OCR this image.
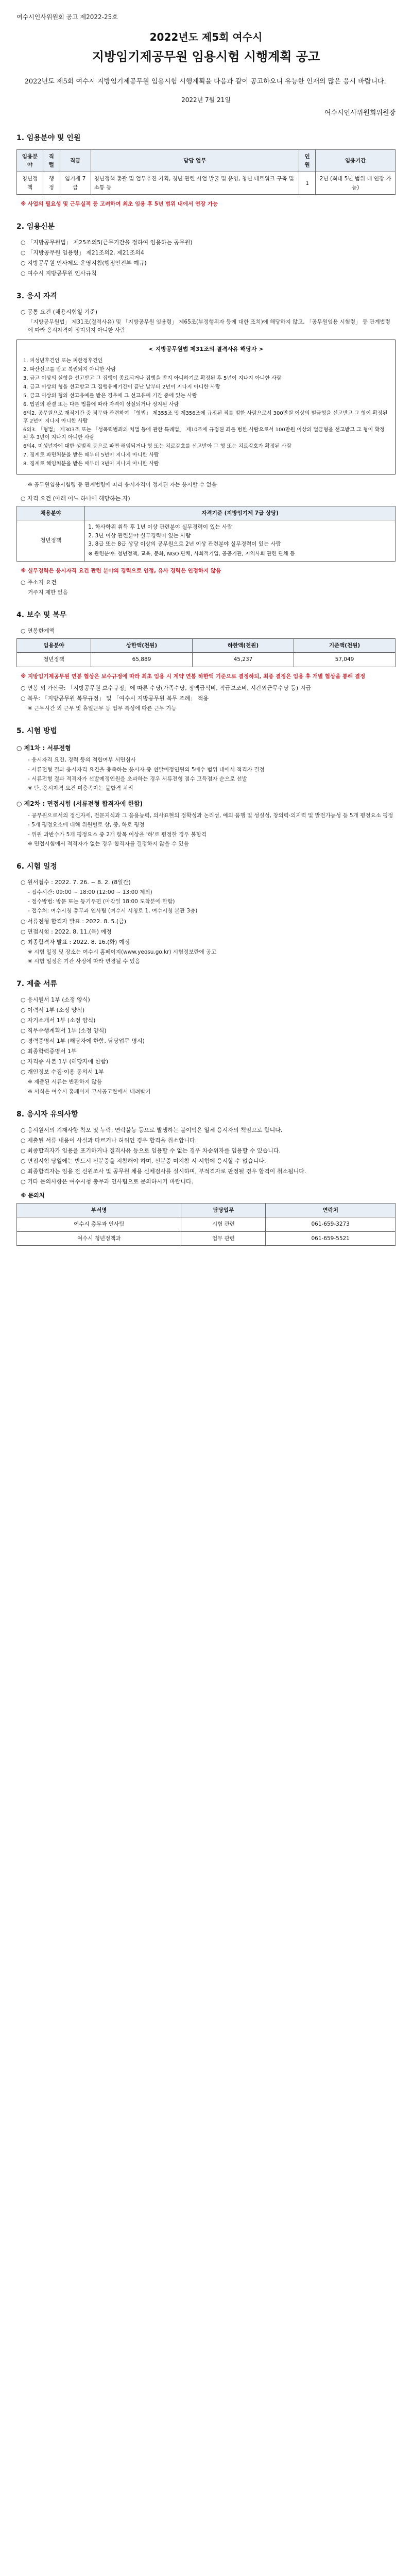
여수시인사위원회 공고 제2022-25호
2022년도 제5회 여수시
지방임기제공무원 임용시험 시행계획 공고

2022년도 제5회 여수시 지방임기제공무원 임용시험 시행계획을 다음과 같이 공고하오니 유능한 인재의 많은 응시 바랍니다.

2022년 7월 21일
여수시인사위원회위원장
1. 임용분야 및 인원
임용분야	직렬	직급	담당 업무	인원	임용기간
청년정책	행정	임기제 7급	청년정책 총괄 및 업무추진 기획, 청년 관련 사업 발굴 및 운영, 청년 네트워크 구축 및 소통 등	1	2년 (최대 5년 범위 내 연장 가능)

※ 사업의 필요성 및 근무실적 등 고려하여 최초 임용 후 5년 범위 내에서 연장 가능

2. 임용신분

○ 「지방공무원법」 제25조의5(근무기간을 정하여 임용하는 공무원)

○ 「지방공무원 임용령」 제21조의2, 제21조의4

○ 지방공무원 인사제도 운영지침(행정안전부 예규)

○ 여수시 지방공무원 인사규칙

3. 응시 자격

○ 공통 요건 (채용시험일 기준)

「지방공무원법」 제31조(결격사유) 및 「지방공무원 임용령」 제65조(부정행위자 등에 대한 조치)에 해당하지 않고, 「공무원임용 시험령」 등 관계법령에 따라 응시자격이 정지되지 아니한 사람

< 지방공무원법 제31조의 결격사유 해당자 >

1. 피성년후견인 또는 피한정후견인

2. 파산선고를 받고 복권되지 아니한 사람

3. 금고 이상의 실형을 선고받고 그 집행이 종료되거나 집행을 받지 아니하기로 확정된 후 5년이 지나지 아니한 사람

4. 금고 이상의 형을 선고받고 그 집행유예기간이 끝난 날부터 2년이 지나지 아니한 사람

5. 금고 이상의 형의 선고유예를 받은 경우에 그 선고유예 기간 중에 있는 사람

6. 법원의 판결 또는 다른 법률에 따라 자격이 상실되거나 정지된 사람

6의2. 공무원으로 재직기간 중 직무와 관련하여 「형법」 제355조 및 제356조에 규정된 죄를 범한 사람으로서 300만원 이상의 벌금형을 선고받고 그 형이 확정된 후 2년이 지나지 아니한 사람

6의3. 「형법」 제303조 또는 「성폭력범죄의 처벌 등에 관한 특례법」 제10조에 규정된 죄를 범한 사람으로서 100만원 이상의 벌금형을 선고받고 그 형이 확정된 후 3년이 지나지 아니한 사람

6의4. 미성년자에 대한 성범죄 등으로 파면·해임되거나 형 또는 치료감호를 선고받아 그 형 또는 치료감호가 확정된 사람

7. 징계로 파면처분을 받은 때부터 5년이 지나지 아니한 사람

8. 징계로 해임처분을 받은 때부터 3년이 지나지 아니한 사람

※ 공무원임용시험령 등 관계법령에 따라 응시자격이 정지된 자는 응시할 수 없음

○ 자격 요건 (아래 어느 하나에 해당하는 자)

채용분야	자격기준 (지방임기제 7급 상당)
청년정책	1. 학사학위 취득 후 1년 이상 관련분야 실무경력이 있는 사람

2. 3년 이상 관련분야 실무경력이 있는 사람

3. 8급 또는 8급 상당 이상의 공무원으로 2년 이상 관련분야 실무경력이 있는 사람

※ 관련분야: 청년정책, 교육, 문화, NGO 단체, 사회적기업, 공공기관, 지역사회 관련 단체 등

※ 실무경력은 응시자격 요건 관련 분야의 경력으로 인정, 유사 경력은 인정하지 않음

○ 주소지 요건

거주지 제한 없음

4. 보수 및 복무

○ 연봉한계액

임용분야	상한액(천원)	하한액(천원)	기준액(천원)
청년정책	65,889	45,237	57,049

※ 지방임기제공무원 연봉 협상은 보수규정에 따라 최초 임용 시 계약 연봉 하한액 기준으로 결정하되, 최종 결정은 임용 후 개별 협상을 통해 결정

○ 연봉 외 가산금: 「지방공무원 보수규정」에 따른 수당(가족수당, 정액급식비, 직급보조비, 시간외근무수당 등) 지급

○ 복무: 「지방공무원 복무규정」 및 「여수시 지방공무원 복무 조례」 적용

※ 근무시간 외 근무 및 휴일근무 등 업무 특성에 따른 근무 가능

5. 시험 방법
○ 제1차 : 서류전형

- 응시자격 요건, 경력 등의 적합여부 서면심사

- 서류전형 결과 응시자격 요건을 충족하는 응시자 중 선발예정인원의 5배수 범위 내에서 적격자 결정

- 서류전형 결과 적격자가 선발예정인원을 초과하는 경우 서류전형 점수 고득점자 순으로 선발

※ 단, 응시자격 요건 미충족자는 불합격 처리

○ 제2차 : 면접시험 (서류전형 합격자에 한함)

- 공무원으로서의 정신자세, 전문지식과 그 응용능력, 의사표현의 정확성과 논리성, 예의·품행 및 성실성, 창의력·의지력 및 발전가능성 등 5개 평정요소 평정

- 5개 평정요소에 대해 위원별로 상, 중, 하로 평정

- 위원 과반수가 5개 평정요소 중 2개 항목 이상을 '하'로 평정한 경우 불합격

※ 면접시험에서 적격자가 없는 경우 합격자를 결정하지 않을 수 있음

6. 시험 일정

○ 원서접수 : 2022. 7. 26. ~ 8. 2. (8일간)

- 접수시간: 09:00 ~ 18:00 (12:00 ~ 13:00 제외)

- 접수방법: 방문 또는 등기우편 (마감일 18:00 도착분에 한함)

- 접수처: 여수시청 총무과 인사팀 (여수시 시청로 1, 여수시청 본관 3층)

○ 서류전형 합격자 발표 : 2022. 8. 5.(금)

○ 면접시험 : 2022. 8. 11.(목) 예정

○ 최종합격자 발표 : 2022. 8. 16.(화) 예정

※ 시험 일정 및 장소는 여수시 홈페이지(www.yeosu.go.kr) 시험정보란에 공고

※ 시험 일정은 기관 사정에 따라 변경될 수 있음

7. 제출 서류

○ 응시원서 1부 (소정 양식)

○ 이력서 1부 (소정 양식)

○ 자기소개서 1부 (소정 양식)

○ 직무수행계획서 1부 (소정 양식)

○ 경력증명서 1부 (해당자에 한함, 담당업무 명시)

○ 최종학력증명서 1부

○ 자격증 사본 1부 (해당자에 한함)

○ 개인정보 수집·이용 동의서 1부

※ 제출된 서류는 반환하지 않음

※ 서식은 여수시 홈페이지 고시공고란에서 내려받기

8. 응시자 유의사항

○ 응시원서의 기재사항 착오 및 누락, 연락불능 등으로 발생하는 불이익은 일체 응시자의 책임으로 합니다.

○ 제출된 서류 내용이 사실과 다르거나 허위인 경우 합격을 취소합니다.

○ 최종합격자가 임용을 포기하거나 결격사유 등으로 임용할 수 없는 경우 차순위자를 임용할 수 있습니다.

○ 면접시험 당일에는 반드시 신분증을 지참해야 하며, 신분증 미지참 시 시험에 응시할 수 없습니다.

○ 최종합격자는 임용 전 신원조사 및 공무원 채용 신체검사를 실시하며, 부적격자로 판정될 경우 합격이 취소됩니다.

○ 기타 문의사항은 여수시청 총무과 인사팀으로 문의하시기 바랍니다.

※ 문의처

부서명	담당업무	연락처
여수시 총무과 인사팀	시험 관련	061-659-3273
여수시 청년정책과	업무 관련	061-659-5521
